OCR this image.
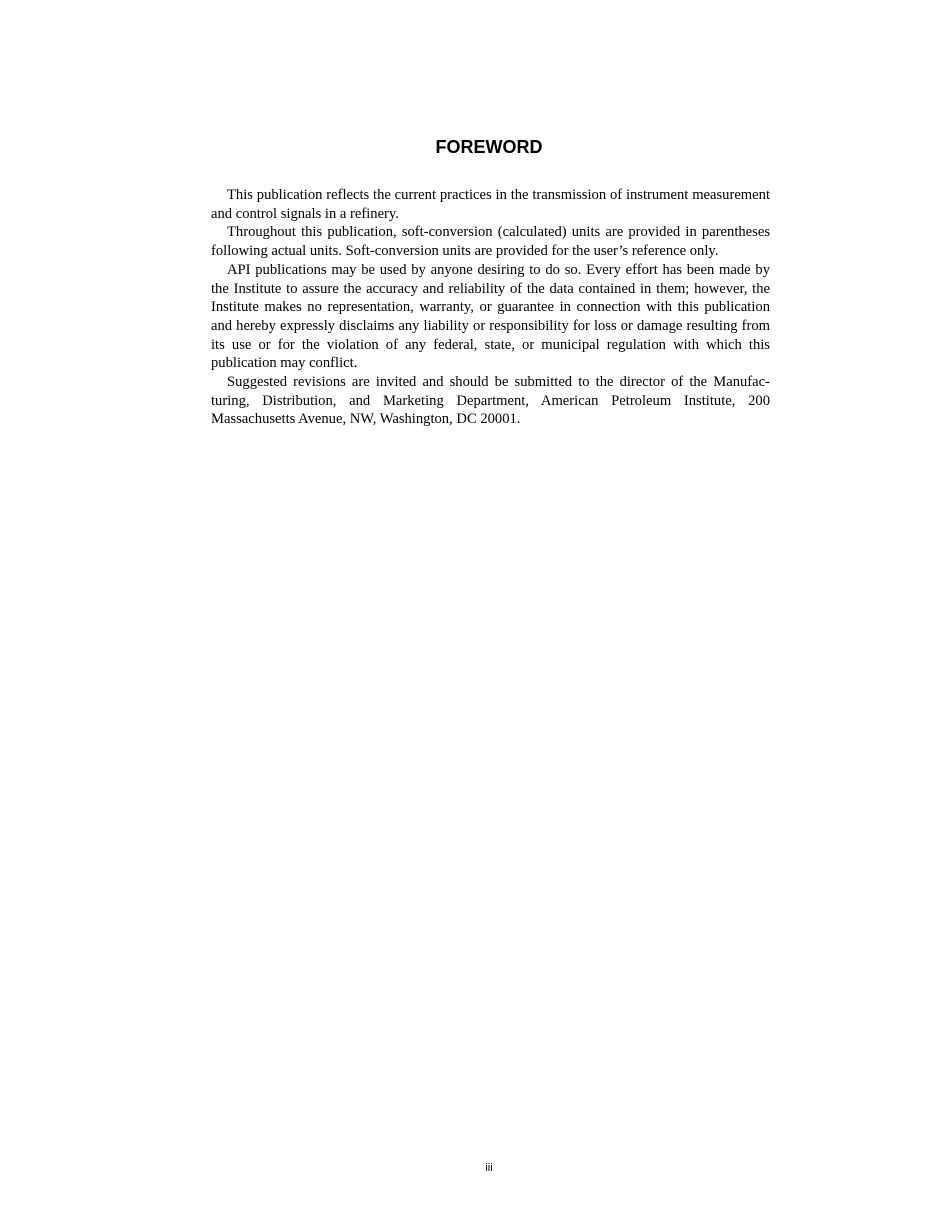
FOREWORD

This publication reflects the current practices in the transmission of instrument measurement and control signals in a refinery.

Throughout this publication, soft-conversion (calculated) units are provided in parentheses following actual units. Soft-conversion units are provided for the user’s reference only.

API publications may be used by anyone desiring to do so. Every effort has been made by the Institute to assure the accuracy and reliability of the data contained in them; however, the Institute makes no representation, warranty, or guarantee in connection with this publication and hereby expressly disclaims any liability or responsibility for loss or damage resulting from its use or for the violation of any federal, state, or municipal regulation with which this publication may conflict.

Suggested revisions are invited and should be submitted to the director of the Manufacturing, Distribution, and Marketing Department, American Petroleum Institute, 200 Massachusetts Avenue, NW, Washington, DC 20001.

iii
